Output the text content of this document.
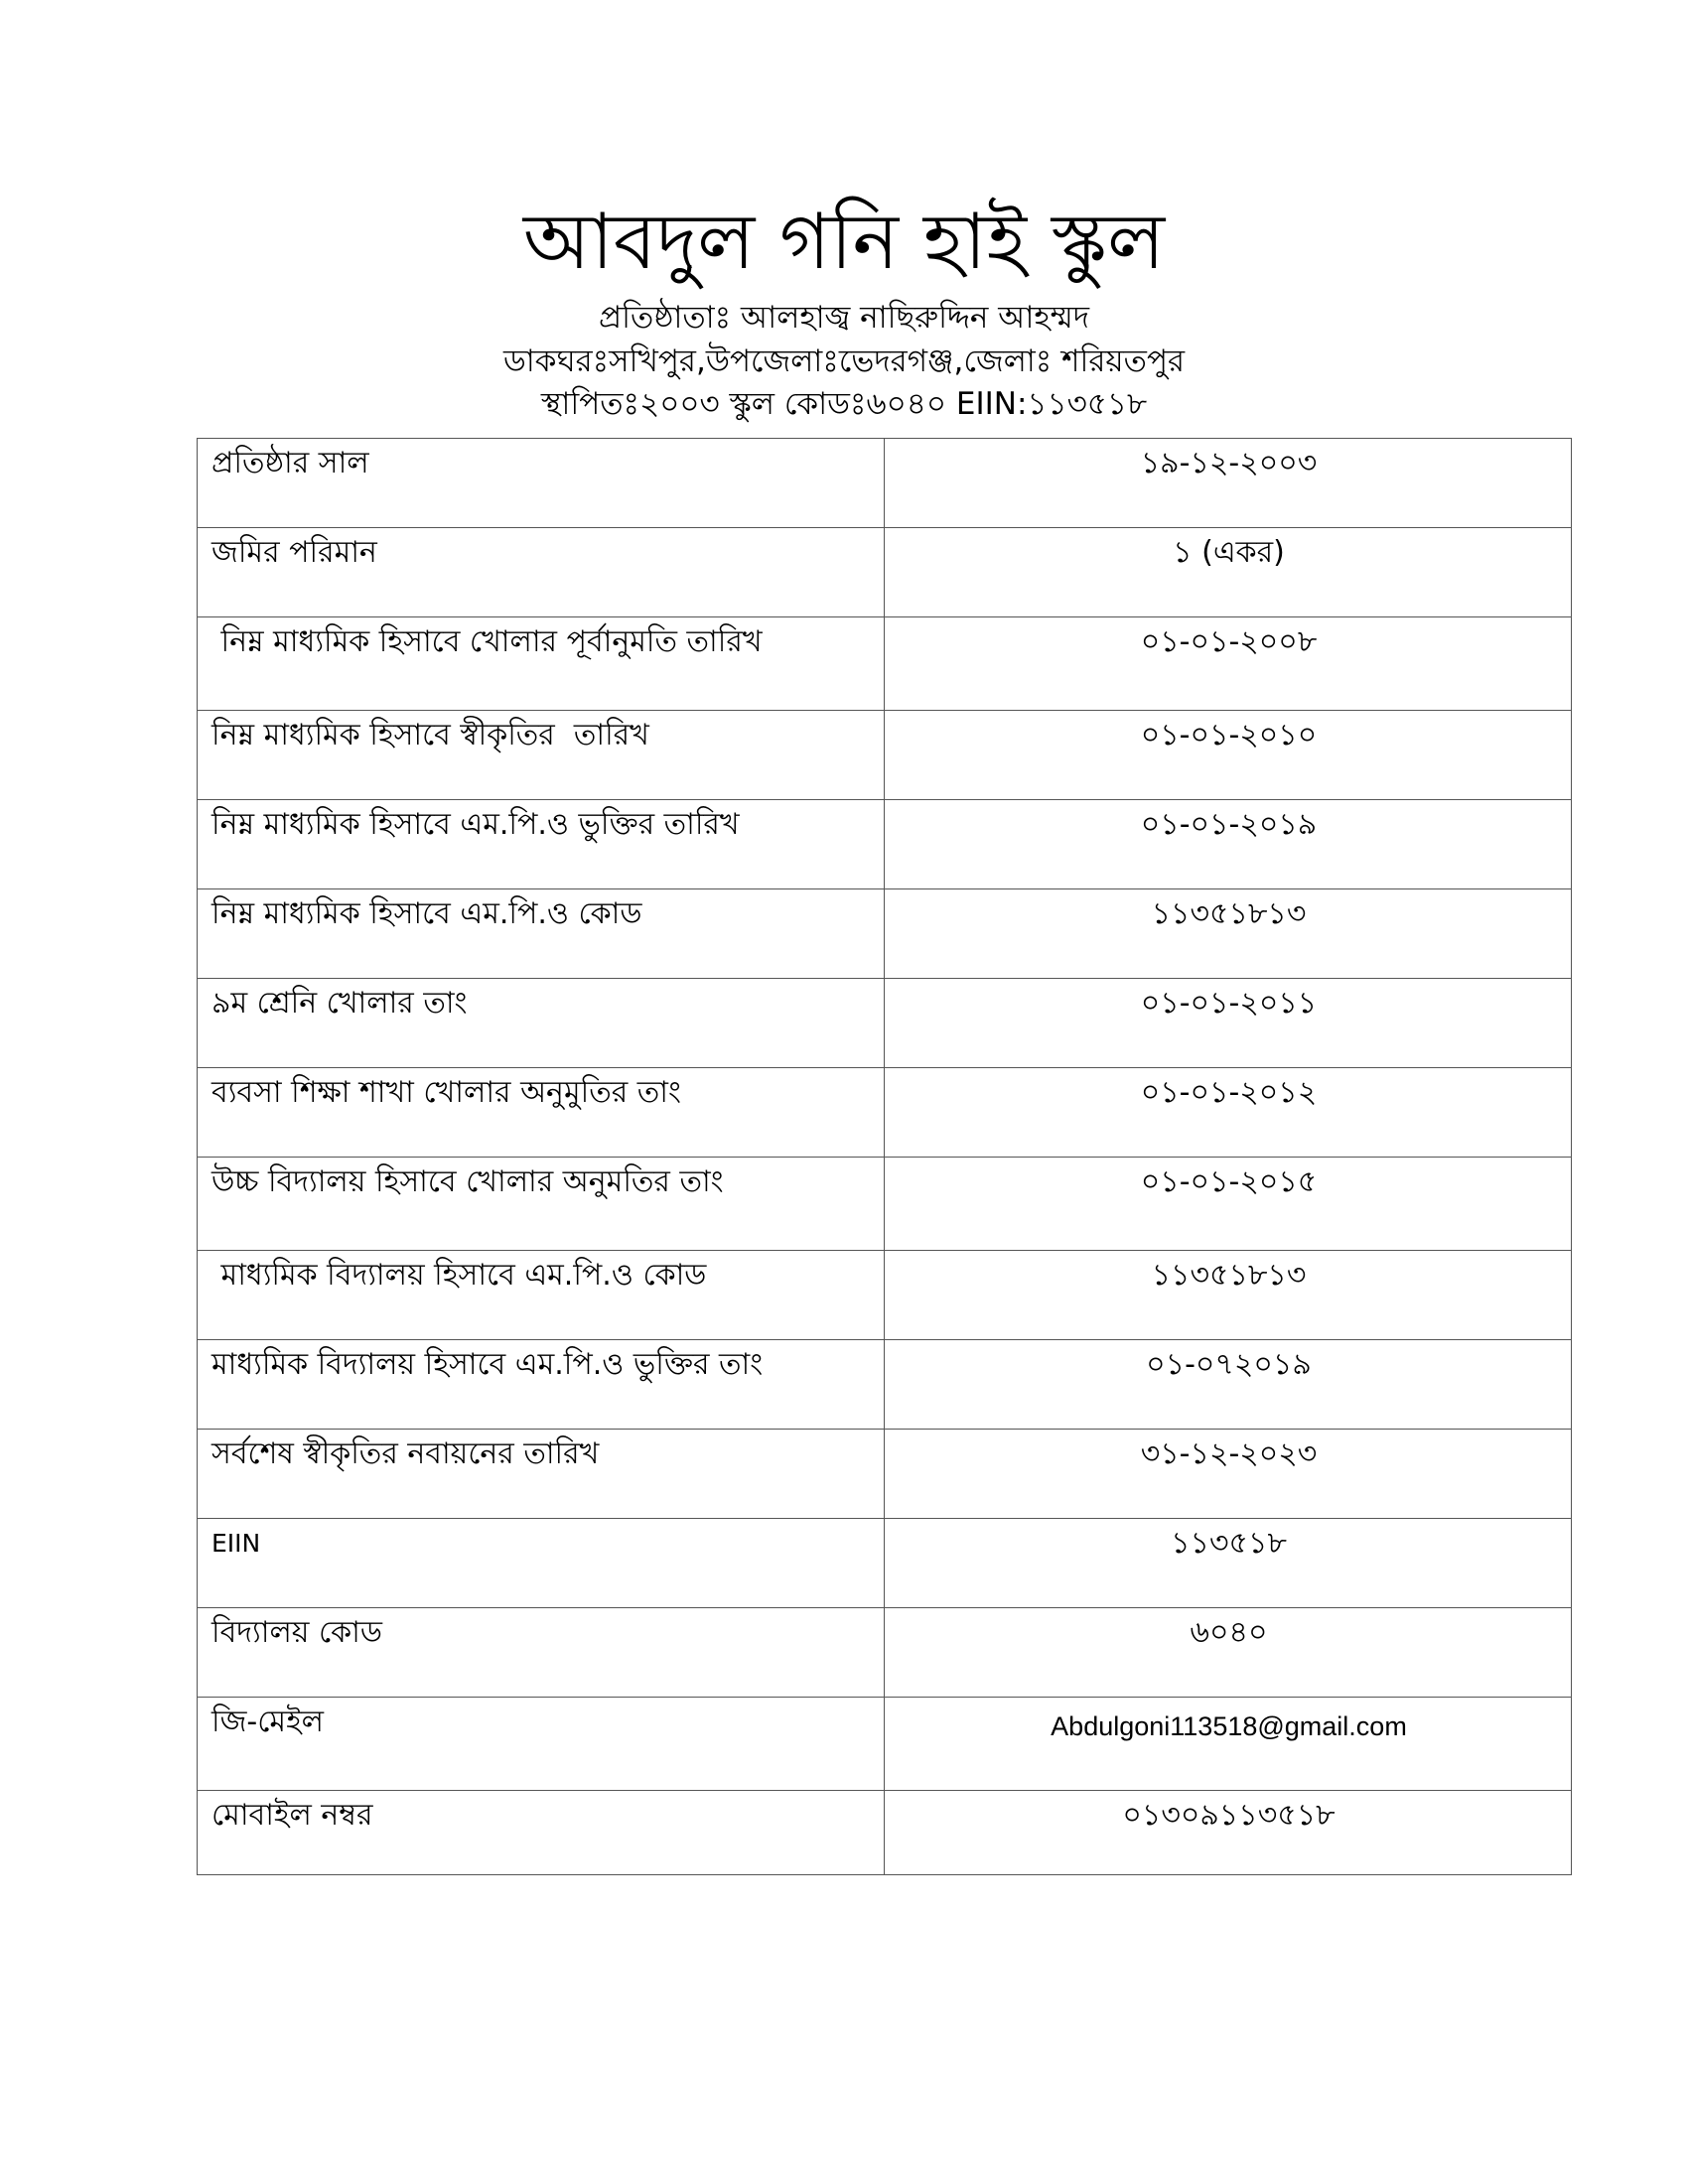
আবদুল গনি হাই স্কুল

প্রতিষ্ঠাতাঃ আলহাজ্ব নাছিরুদ্দিন আহম্মদ

ডাকঘরঃসখিপুর,উপজেলাঃভেদরগঞ্জ,জেলাঃ শরিয়তপুর

স্থাপিতঃ২০০৩ স্কুল কোডঃ৬০৪০ EIIN:১১৩৫১৮

প্রতিষ্ঠার সাল	১৯-১২-২০০৩
জমির পরিমান	১ (একর)
নিম্ন মাধ্যমিক হিসাবে খোলার পূর্বানুমতি তারিখ	০১-০১-২০০৮
নিম্ন মাধ্যমিক হিসাবে স্বীকৃতির  তারিখ	০১-০১-২০১০
নিম্ন মাধ্যমিক হিসাবে এম.পি.ও ভুক্তির তারিখ	০১-০১-২০১৯
নিম্ন মাধ্যমিক হিসাবে এম.পি.ও কোড	১১৩৫১৮১৩
৯ম শ্রেনি খোলার তাং	০১-০১-২০১১
ব্যবসা শিক্ষা শাখা খোলার অনুমুতির তাং	০১-০১-২০১২
উচ্চ বিদ্যালয় হিসাবে খোলার অনুমতির তাং	০১-০১-২০১৫
মাধ্যমিক বিদ্যালয় হিসাবে এম.পি.ও কোড	১১৩৫১৮১৩
মাধ্যমিক বিদ্যালয় হিসাবে এম.পি.ও ভুক্তির তাং	০১-০৭২০১৯
সর্বশেষ স্বীকৃতির নবায়নের তারিখ	৩১-১২-২০২৩
EIIN	১১৩৫১৮
বিদ্যালয় কোড	৬০৪০
জি-মেইল	Abdulgoni113518@gmail.com
মোবাইল নম্বর	০১৩০৯১১৩৫১৮
